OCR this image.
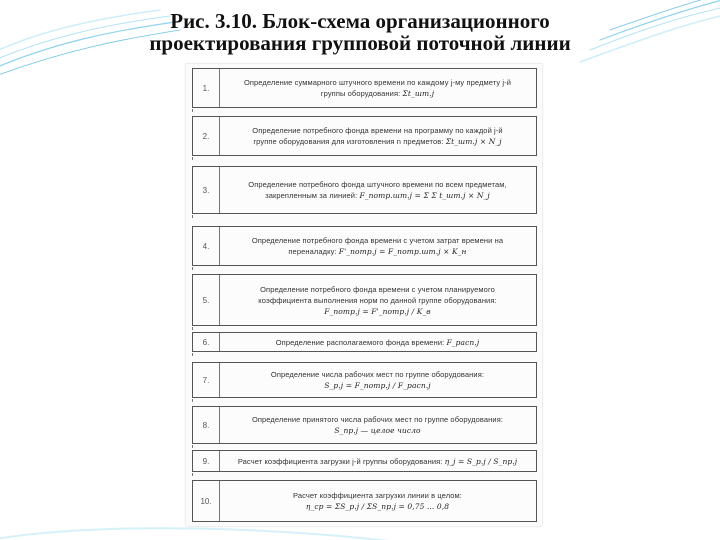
Рис. 3.10. Блок-схема организационного
проектирования групповой поточной линии
1.
Определение суммарного штучного времени по каждому j-му предмету j-й
группы оборудования: Σt_шт.j
2.
Определение потребного фонда времени на программу по каждой j-й
группе оборудования для изготовления n предметов: Σt_шт.j × N_j
3.
Определение потребного фонда штучного времени по всем предметам,
закрепленным за линией: F_потр.шт.j = Σ Σ t_шт.j × N_j
4.
Определение потребного фонда времени с учетом затрат времени на
переналадку: F'_потр.j = F_потр.шт.j × K_н
5.
Определение потребного фонда времени с учетом планируемого
коэффициента выполнения норм по данной группе оборудования:
F_потр.j = F'_потр.j / K_в
6.	Определение располагаемого фонда времени: F_расп.j
7.
Определение числа рабочих мест по группе оборудования:
S_p.j = F_потр.j / F_расп.j
8.
Определение принятого числа рабочих мест по группе оборудования:
S_пр.j — целое число
9.	Расчет коэффициента загрузки j-й группы оборудования: η_j = S_p.j / S_пр.j
10.
Расчет коэффициента загрузки линии в целом:
η_ср = ΣS_p.j / ΣS_пр.j = 0,75 ... 0,8
